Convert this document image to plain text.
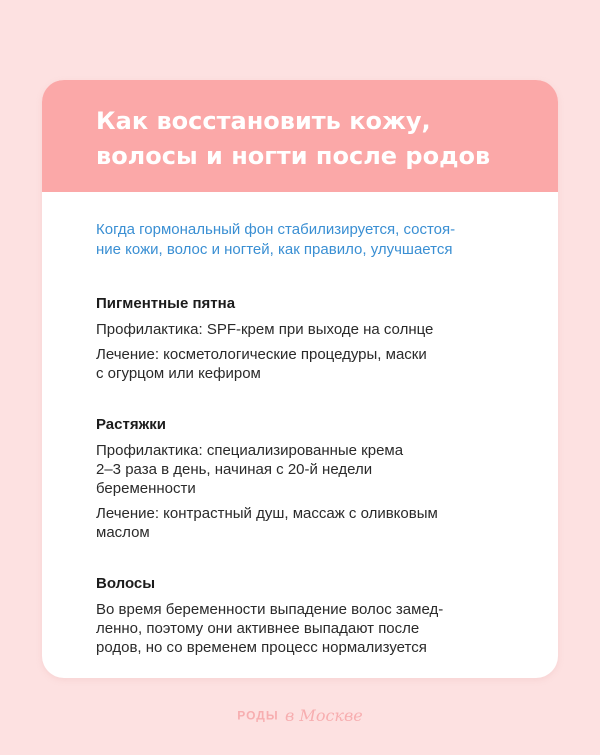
Как восстановить кожу,
волосы и ногти после родов

Когда гормональный фон стабилизируется, состоя-
ние кожи, волос и ногтей, как правило, улучшается

Пигментные пятна

Профилактика: SPF-крем при выходе на солнце

Лечение: косметологические процедуры, маски
с огурцом или кефиром

Растяжки

Профилактика: специализированные крема
2–3 раза в день, начиная с 20-й недели
беременности

Лечение: контрастный душ, массаж с оливковым
маслом

Волосы

Во время беременности выпадение волос замед-
ленно, поэтому они активнее выпадают после
родов, но со временем процесс нормализуется

РОДЫ в Москве
